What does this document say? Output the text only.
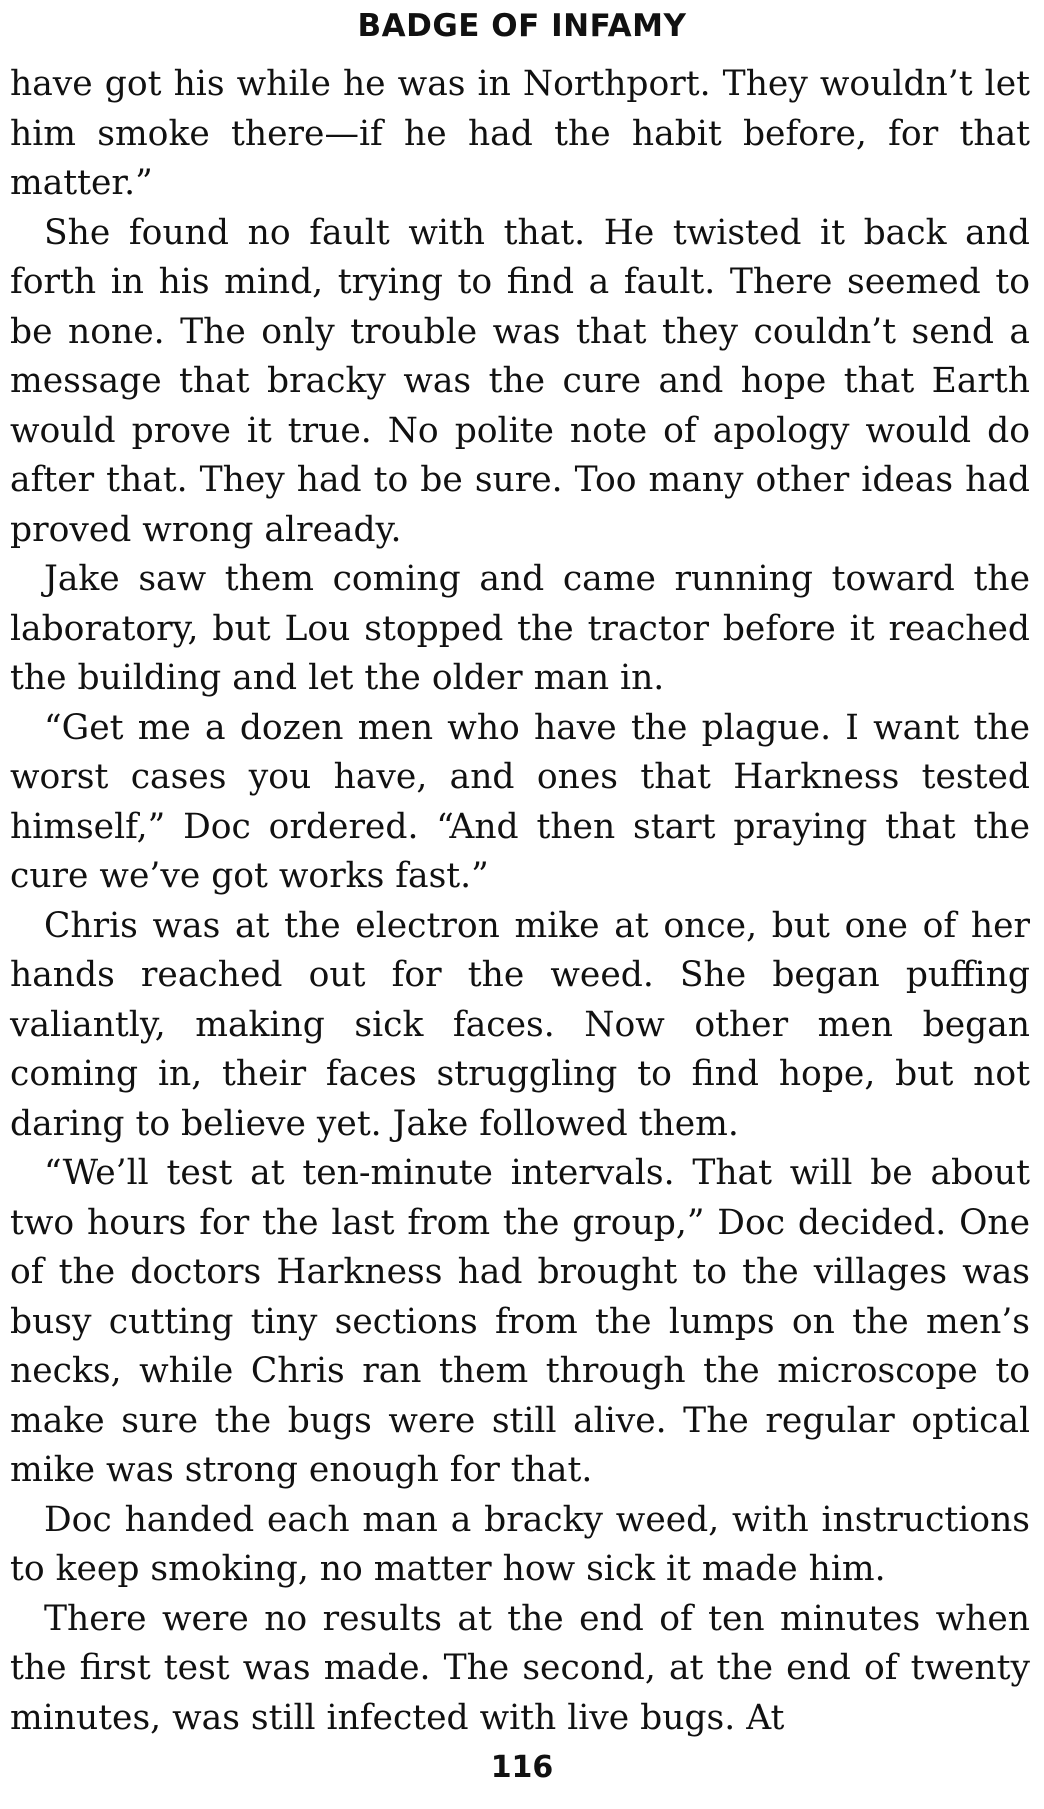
BADGE OF INFAMY

have got his while he was in Northport. They wouldn’t let him smoke there—if he had the habit before, for that matter.”

She found no fault with that. He twisted it back and forth in his mind, trying to find a fault. There seemed to be none. The only trouble was that they couldn’t send a message that bracky was the cure and hope that Earth would prove it true. No polite note of apology would do after that. They had to be sure. Too many other ideas had proved wrong already.

Jake saw them coming and came running toward the laboratory, but Lou stopped the tractor before it reached the building and let the older man in.

“Get me a dozen men who have the plague. I want the worst cases you have, and ones that Harkness tested himself,” Doc ordered. “And then start praying that the cure we’ve got works fast.”

Chris was at the electron mike at once, but one of her hands reached out for the weed. She began puffing valiantly, making sick faces. Now other men began coming in, their faces struggling to find hope, but not daring to believe yet. Jake followed them.

“We’ll test at ten-minute intervals. That will be about two hours for the last from the group,” Doc decided. One of the doctors Harkness had brought to the villages was busy cutting tiny sections from the lumps on the men’s necks, while Chris ran them through the microscope to make sure the bugs were still alive. The regular optical mike was strong enough for that.

Doc handed each man a bracky weed, with instructions to keep smoking, no matter how sick it made him.

There were no results at the end of ten minutes when the first test was made. The second, at the end of twenty minutes, was still infected with live bugs. At

116
